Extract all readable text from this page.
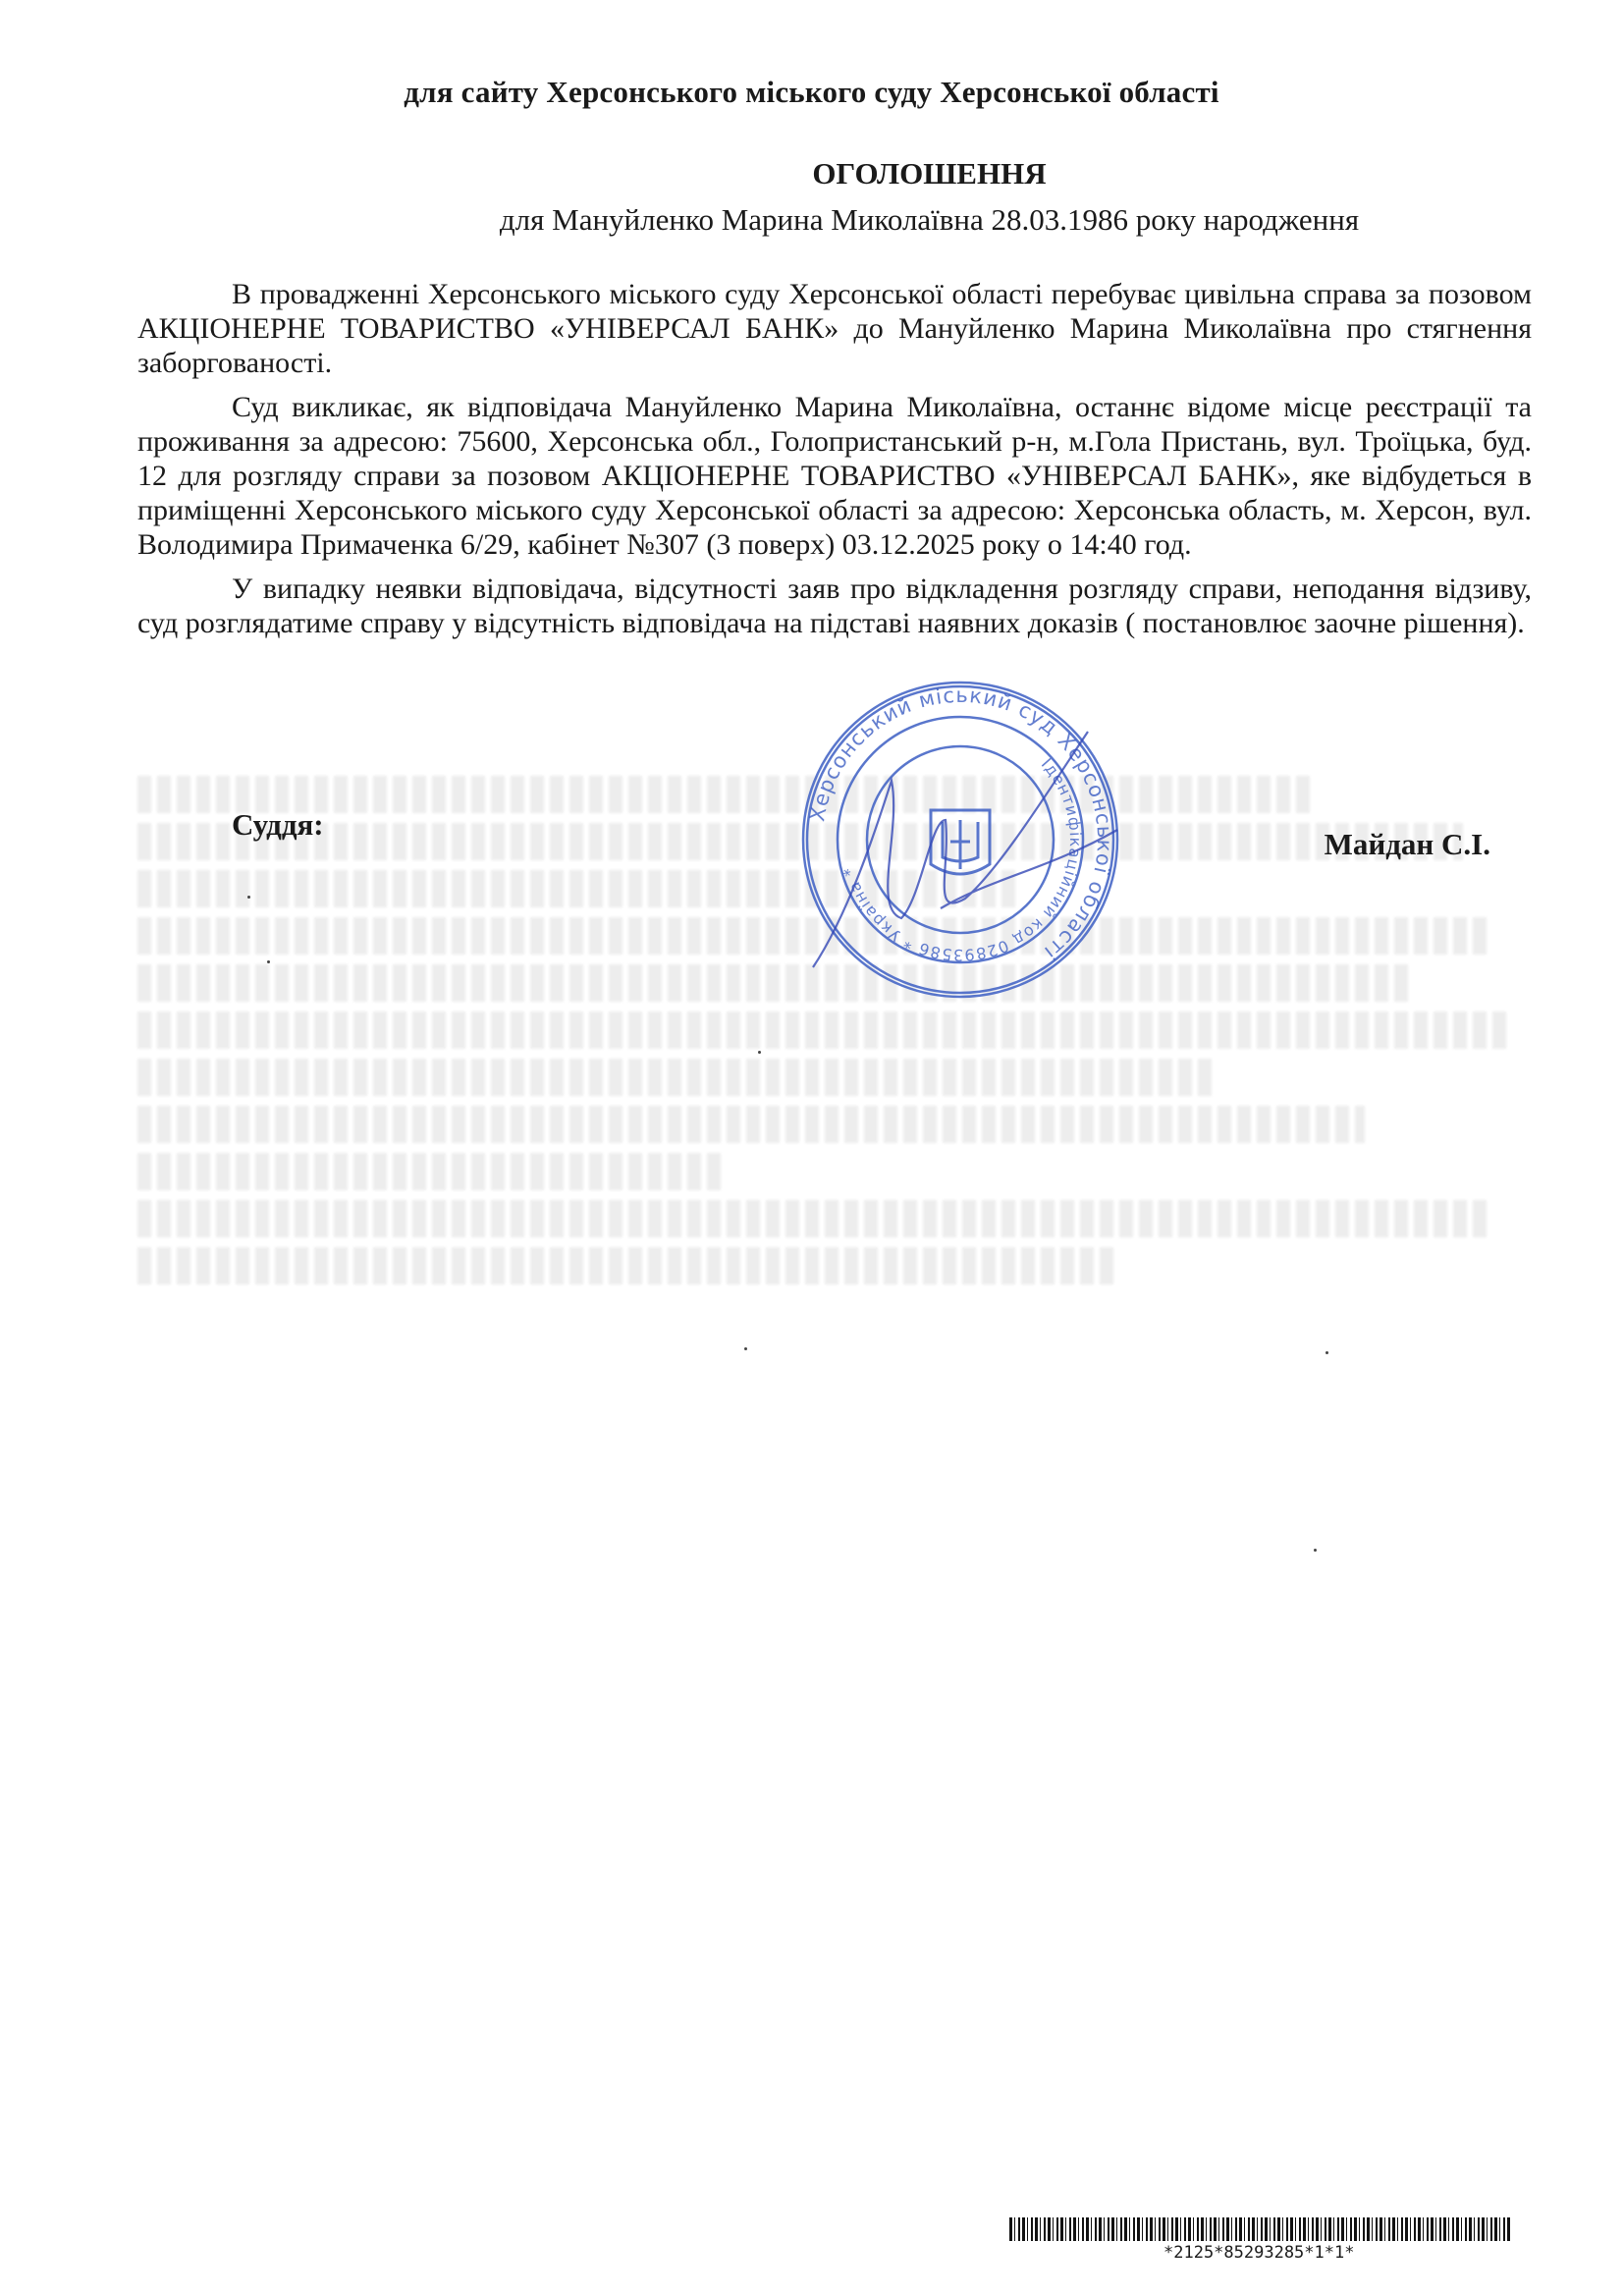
для сайту Херсонського міського суду Херсонської області
ОГОЛОШЕННЯ
для Мануйленко Марина Миколаївна 28.03.1986 року народження

В провадженні Херсонського міського суду Херсонської області перебуває цивільна справа за позовом АКЦІОНЕРНЕ ТОВАРИСТВО «УНІВЕРСАЛ БАНК» до Мануйленко Марина Миколаївна про стягнення заборгованості.

Суд викликає, як відповідача Мануйленко Марина Миколаївна, останнє відоме місце реєстрації та проживання за адресою: 75600, Херсонська обл., Голопристанський р-н, м.Гола Пристань, вул. Троїцька, буд. 12 для розгляду справи за позовом АКЦІОНЕРНЕ ТОВАРИСТВО «УНІВЕРСАЛ БАНК», яке відбудеться в приміщенні Херсонського міського суду Херсонської області за адресою: Херсонська область, м. Херсон, вул. Володимира Примаченка 6/29, кабінет №307 (3 поверх) 03.12.2025 року о 14:40 год.

У випадку неявки відповідача, відсутності заяв про відкладення розгляду справи, неподання відзиву, суд розглядатиме справу у відсутність відповідача на підставі наявних доказів ( постановлює заочне рішення).

Суддя:
Майдан С.І.
Херсонський міський суд Херсонської області
Ідентифікаційний код 02893586 * Україна *
*2125*85293285*1*1*
